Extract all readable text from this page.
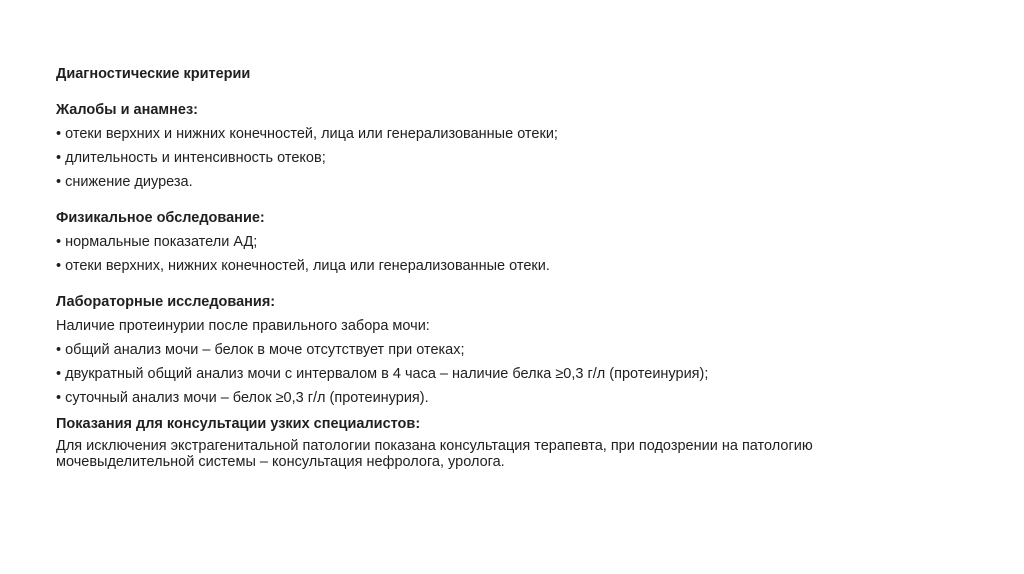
Диагностические критерии
Жалобы и анамнез:
• отеки верхних и нижних конечностей, лица или генерализованные отеки;
• длительность и интенсивность отеков;
• снижение диуреза.
Физикальное обследование:
• нормальные показатели АД;
• отеки верхних, нижних конечностей, лица или генерализованные отеки.
Лабораторные исследования:
Наличие протеинурии после правильного забора мочи:
• общий анализ мочи – белок в моче отсутствует при отеках;
• двукратный общий анализ мочи с интервалом в 4 часа – наличие белка ≥0,3 г/л (протеинурия);
• суточный анализ мочи – белок ≥0,3 г/л (протеинурия).
Показания для консультации узких специалистов:
Для исключения экстрагенитальной патологии показана консультация терапевта, при подозрении на патологию мочевыделительной системы – консультация нефролога, уролога.
